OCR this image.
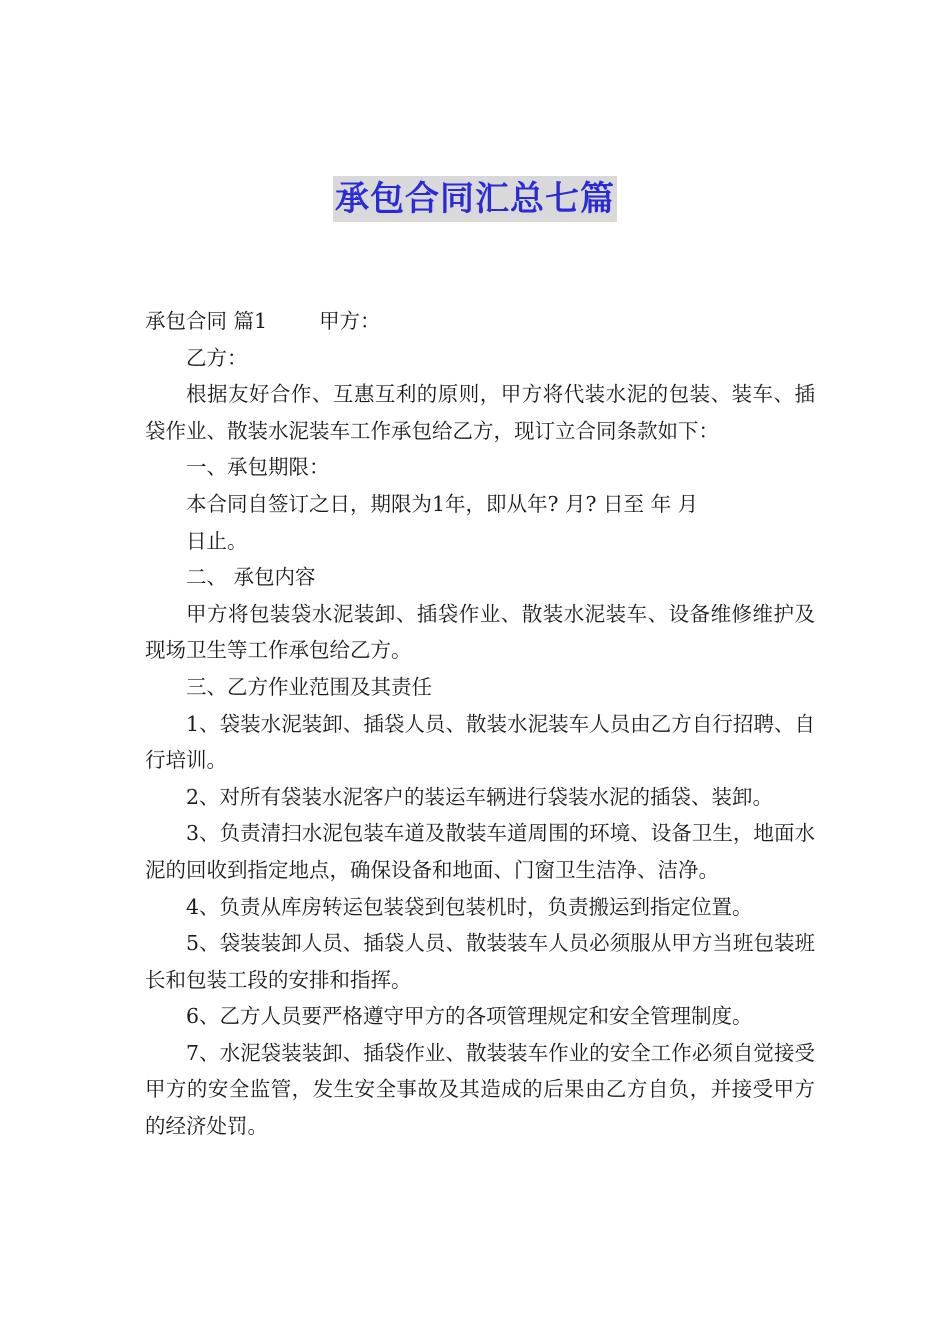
承包合同汇总七篇

承包合同 篇1	甲方：

乙方：

根据友好合作、互惠互利的原则，甲方将代装水泥的包装、装车、插袋作业、散装水泥装车工作承包给乙方，现订立合同条款如下：

一、承包期限：

本合同自签订之日，期限为1年，即从年? 月? 日至 年 月

日止。

二、 承包内容

甲方将包装袋水泥装卸、插袋作业、散装水泥装车、设备维修维护及现场卫生等工作承包给乙方。

三、乙方作业范围及其责任

1、袋装水泥装卸、插袋人员、散装水泥装车人员由乙方自行招聘、自行培训。

2、对所有袋装水泥客户的装运车辆进行袋装水泥的插袋、装卸。

3、负责清扫水泥包装车道及散装车道周围的环境、设备卫生，地面水泥的回收到指定地点，确保设备和地面、门窗卫生洁净、洁净。

4、负责从库房转运包装袋到包装机时，负责搬运到指定位置。

5、袋装装卸人员、插袋人员、散装装车人员必须服从甲方当班包装班长和包装工段的安排和指挥。

6、乙方人员要严格遵守甲方的各项管理规定和安全管理制度。

7、水泥袋装装卸、插袋作业、散装装车作业的安全工作必须自觉接受甲方的安全监管，发生安全事故及其造成的后果由乙方自负，并接受甲方的经济处罚。
